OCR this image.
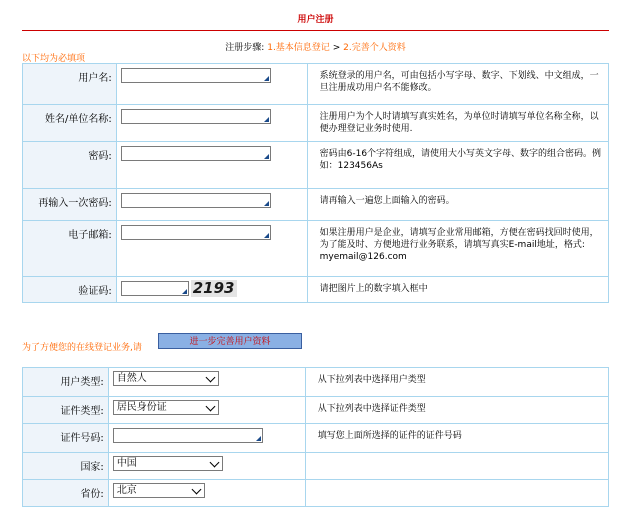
用户注册
注册步骤: 1.基本信息登记 > 2.完善个人资料
以下均为必填项
用户名:		系统登录的用户名，可由包括小写字母、数字、下划线、中文组成，一旦注册成功用户名不能修改。

姓名/单位名称:		注册用户为个人时请填写真实姓名，为单位时请填写单位名称全称，以便办理登记业务时使用.

密码:		密码由6-16个字符组成，请使用大小写英文字母、数字的组合密码。例如：123456As

再输入一次密码:		请再输入一遍您上面输入的密码。

电子邮箱:		如果注册用户是企业，请填写企业常用邮箱，方便在密码找回时使用，为了能及时、方便地进行业务联系，请填写真实E-mail地址，格式: myemail@126.com

验证码:	2193	请把图片上的数字填入框中
为了方便您的在线登记业务,请
进一步完善用户资料
用户类型:	自然人	从下拉列表中选择用户类型

证件类型:	居民身份证	从下拉列表中选择证件类型

证件号码:		填写您上面所选择的证件的证件号码

国家:	中国

省份:	北京
